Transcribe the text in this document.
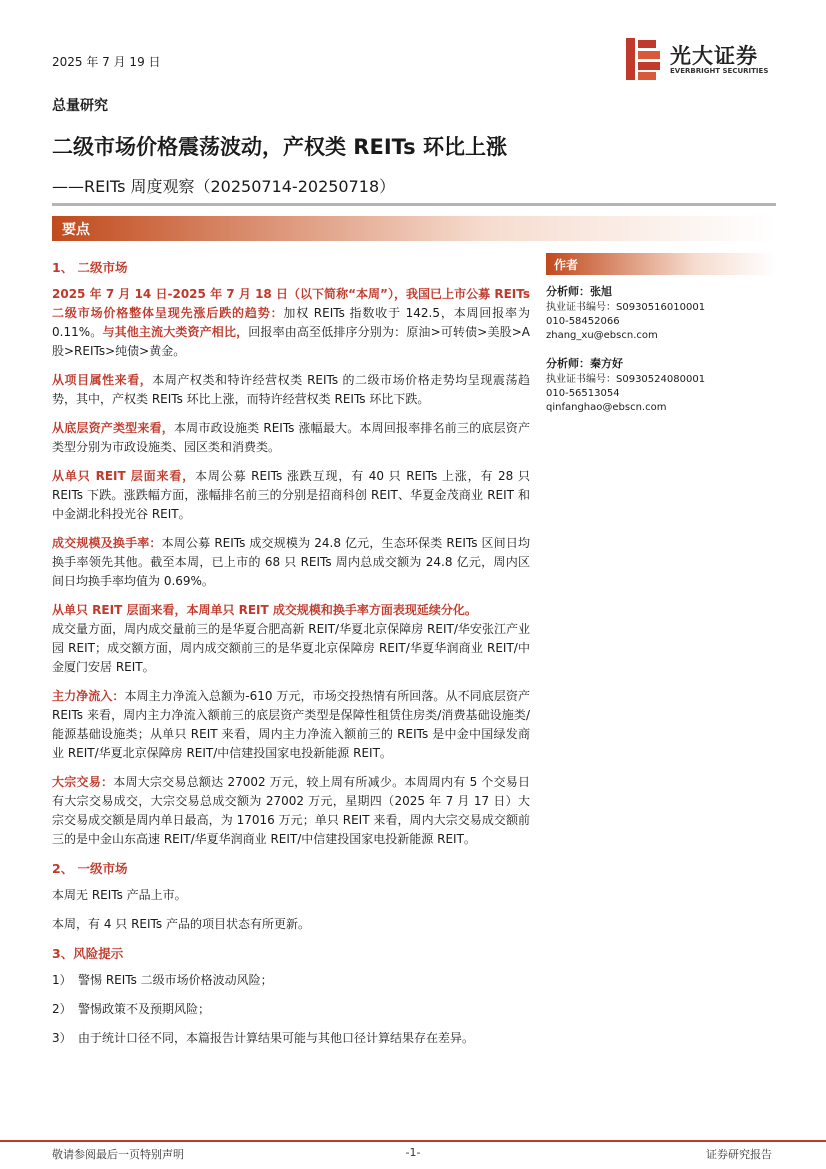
2025 年 7 月 19 日	光大证券
EVERBRIGHT SECURITIES
总量研究
二级市场价格震荡波动，产权类 REITs 环比上涨
——REITs 周度观察（20250714-20250718）
要点
1、 二级市场

2025 年 7 月 14 日-2025 年 7 月 18 日（以下简称“本周”），我国已上市公募 REITs 二级市场价格整体呈现先涨后跌的趋势：加权 REITs 指数收于 142.5，本周回报率为 0.11%。与其他主流大类资产相比，回报率由高至低排序分别为：原油>可转债>美股>A 股>REITs>纯债>黄金。

从项目属性来看，本周产权类和特许经营权类 REITs 的二级市场价格走势均呈现震荡趋势，其中，产权类 REITs 环比上涨，而特许经营权类 REITs 环比下跌。

从底层资产类型来看，本周市政设施类 REITs 涨幅最大。本周回报率排名前三的底层资产类型分别为市政设施类、园区类和消费类。

从单只 REIT 层面来看，本周公募 REITs 涨跌互现，有 40 只 REITs 上涨，有 28 只 REITs 下跌。涨跌幅方面，涨幅排名前三的分别是招商科创 REIT、华夏金茂商业 REIT 和中金湖北科投光谷 REIT。

成交规模及换手率：本周公募 REITs 成交规模为 24.8 亿元，生态环保类 REITs 区间日均换手率领先其他。截至本周，已上市的 68 只 REITs 周内总成交额为 24.8 亿元，周内区间日均换手率均值为 0.69%。

从单只 REIT 层面来看，本周单只 REIT 成交规模和换手率方面表现延续分化。
成交量方面，周内成交量前三的是华夏合肥高新 REIT/华夏北京保障房 REIT/华安张江产业园 REIT；成交额方面，周内成交额前三的是华夏北京保障房 REIT/华夏华润商业 REIT/中金厦门安居 REIT。

主力净流入：本周主力净流入总额为-610 万元，市场交投热情有所回落。从不同底层资产 REITs 来看，周内主力净流入额前三的底层资产类型是保障性租赁住房类/消费基础设施类/能源基础设施类；从单只 REIT 来看，周内主力净流入额前三的 REITs 是中金中国绿发商业 REIT/华夏北京保障房 REIT/中信建投国家电投新能源 REIT。

大宗交易：本周大宗交易总额达 27002 万元，较上周有所减少。本周周内有 5 个交易日有大宗交易成交，大宗交易总成交额为 27002 万元，星期四（2025 年 7 月 17 日）大宗交易成交额是周内单日最高，为 17016 万元；单只 REIT 来看，周内大宗交易成交额前三的是中金山东高速 REIT/华夏华润商业 REIT/中信建投国家电投新能源 REIT。

2、 一级市场

本周无 REITs 产品上市。

本周，有 4 只 REITs 产品的项目状态有所更新。

3、风险提示
1） 警惕 REITs 二级市场价格波动风险；
2） 警惕政策不及预期风险；
3） 由于统计口径不同，本篇报告计算结果可能与其他口径计算结果存在差异。
作者
分析师：张旭
执业证书编号：S0930516010001
010-58452066
zhang_xu@ebscn.com
分析师：秦方好
执业证书编号：S0930524080001
010-56513054
qinfanghao@ebscn.com
敬请参阅最后一页特别声明	-1-	证券研究报告
